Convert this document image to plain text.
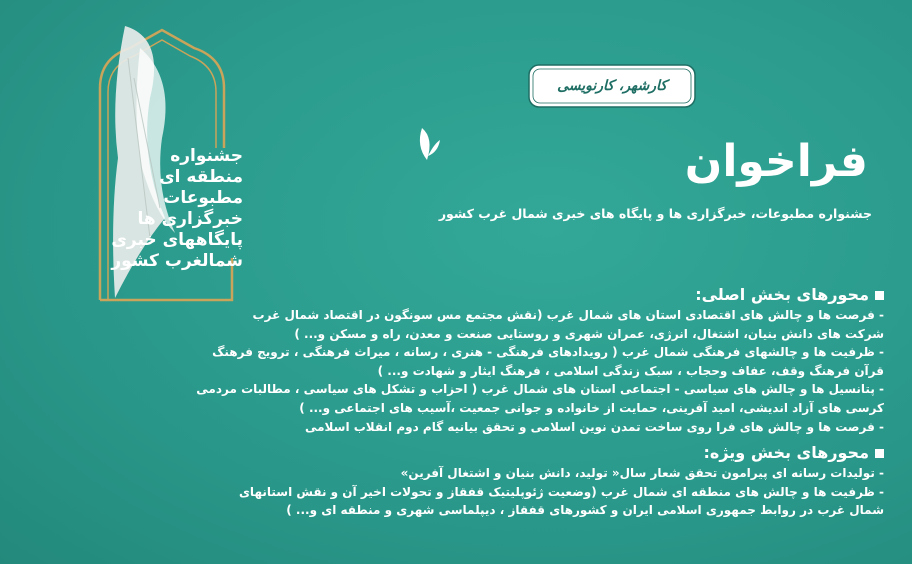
جشنواره
منطقه ای
مطبوعات
خبرگزاری ها
پایگاههای خبری
شمالغرب کشور
کارشهر، کارنویسی
فراخوان
جشنواره مطبوعات، خبرگزاری ها و پایگاه های خبری شمال غرب کشور
محورهای بخش اصلی:
- فرصت ها و چالش های اقتصادی استان های شمال غرب (نقش مجتمع مس سونگون در اقتصاد شمال غرب
شرکت های دانش بنیان، اشتغال، انرژی، عمران شهری و روستایی صنعت و معدن، راه و مسکن و... )
- ظرفیت ها و چالشهای فرهنگی شمال غرب ( رویدادهای فرهنگی - هنری ، رسانه ، میراث فرهنگی ، ترویج فرهنگ
قرآن فرهنگ وقف، عفاف وحجاب ، سبک زندگی اسلامی ، فرهنگ ایثار و شهادت و... )
- پتانسیل ها و چالش های سیاسی - اجتماعی استان های شمال غرب ( احزاب و تشکل های سیاسی ، مطالبات مردمی
کرسی های آزاد اندیشی، امید آفرینی، حمایت از خانواده و جوانی جمعیت ،آسیب های اجتماعی و... )
- فرصت ها و چالش های فرا روی ساخت تمدن نوین اسلامی و تحقق بیانیه گام دوم انقلاب اسلامی
محورهای بخش ویژه:
- تولیدات رسانه ای پیرامون تحقق شعار سال« تولید، دانش بنیان و اشتغال آفرین»
- ظرفیت ها و چالش های منطقه ای شمال غرب (وضعیت ژئوپلیتیک قفقاز و تحولات اخیر آن و نقش استانهای
شمال غرب در روابط جمهوری اسلامی ایران و کشورهای قفقاز ، دیپلماسی شهری و منطقه ای و... )
